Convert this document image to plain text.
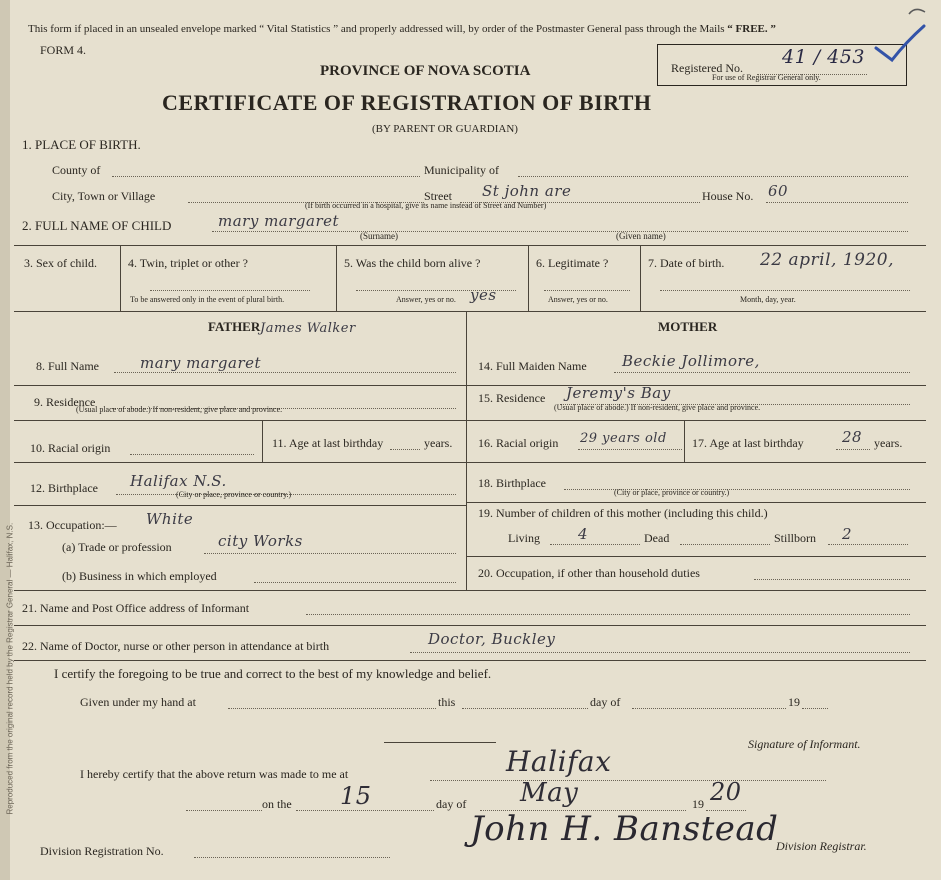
Reproduced from the original record held by the Registrar General — Halifax, N.S.
This form if placed in an unsealed envelope marked “ Vital Statistics ” and properly addressed will, by order of the Postmaster General pass through the Mails “ FREE. ”
FORM 4.
PROVINCE OF NOVA SCOTIA
CERTIFICATE OF REGISTRATION OF BIRTH
(BY PARENT OR GUARDIAN)
Registered No. 41 / 453
For use of Registrar General only.
1. PLACE OF BIRTH.
County of	Municipality of
City, Town or Village	Street St john are	House No. 60
(If birth occurred in a hospital, give its name instead of Street and Number)
2. FULL NAME OF CHILD	mary margaret
(Surname)	(Given name)
3. Sex of child.	4. Twin, triplet or other ?
To be answered only in the event of plural birth.
5. Was the child born alive ?
yes
Answer, yes or no.
6. Legitimate ?
Answer, yes or no.
7. Date of birth. 22 april, 1920,
Month, day, year.
FATHER James Walker
8. Full Name	mary margaret
9. Residence
(Usual place of abode.) If non-resident, give place and province.
10. Racial origin	11. Age at last birthday	years.
12. Birthplace Halifax N.S.
(City or place, province or country.)
13. Occupation:— White
(a) Trade or profession	city Works
(b) Business in which employed
MOTHER
14. Full Maiden Name Beckie Jollimore,
15. Residence Jeremy's Bay
(Usual place of abode.) If non-resident, give place and province.
16. Racial origin 29 years old 17. Age at last birthday	28 years.
18. Birthplace
(City or place, province or country.)
19. Number of children of this mother (including this child.)
Living	4	Dead	Stillborn 2
20. Occupation, if other than household duties
21. Name and Post Office address of Informant
22. Name of Doctor, nurse or other person in attendance at birth	Doctor, Buckley
I certify the foregoing to be true and correct to the best of my knowledge and belief.
Given under my hand at	this	day of	19
Signature of Informant.
I hereby certify that the above return was made to me at	Halifax
on the 15	day of May	19 20
John H. Banstead
Division Registration No.	Division Registrar.
